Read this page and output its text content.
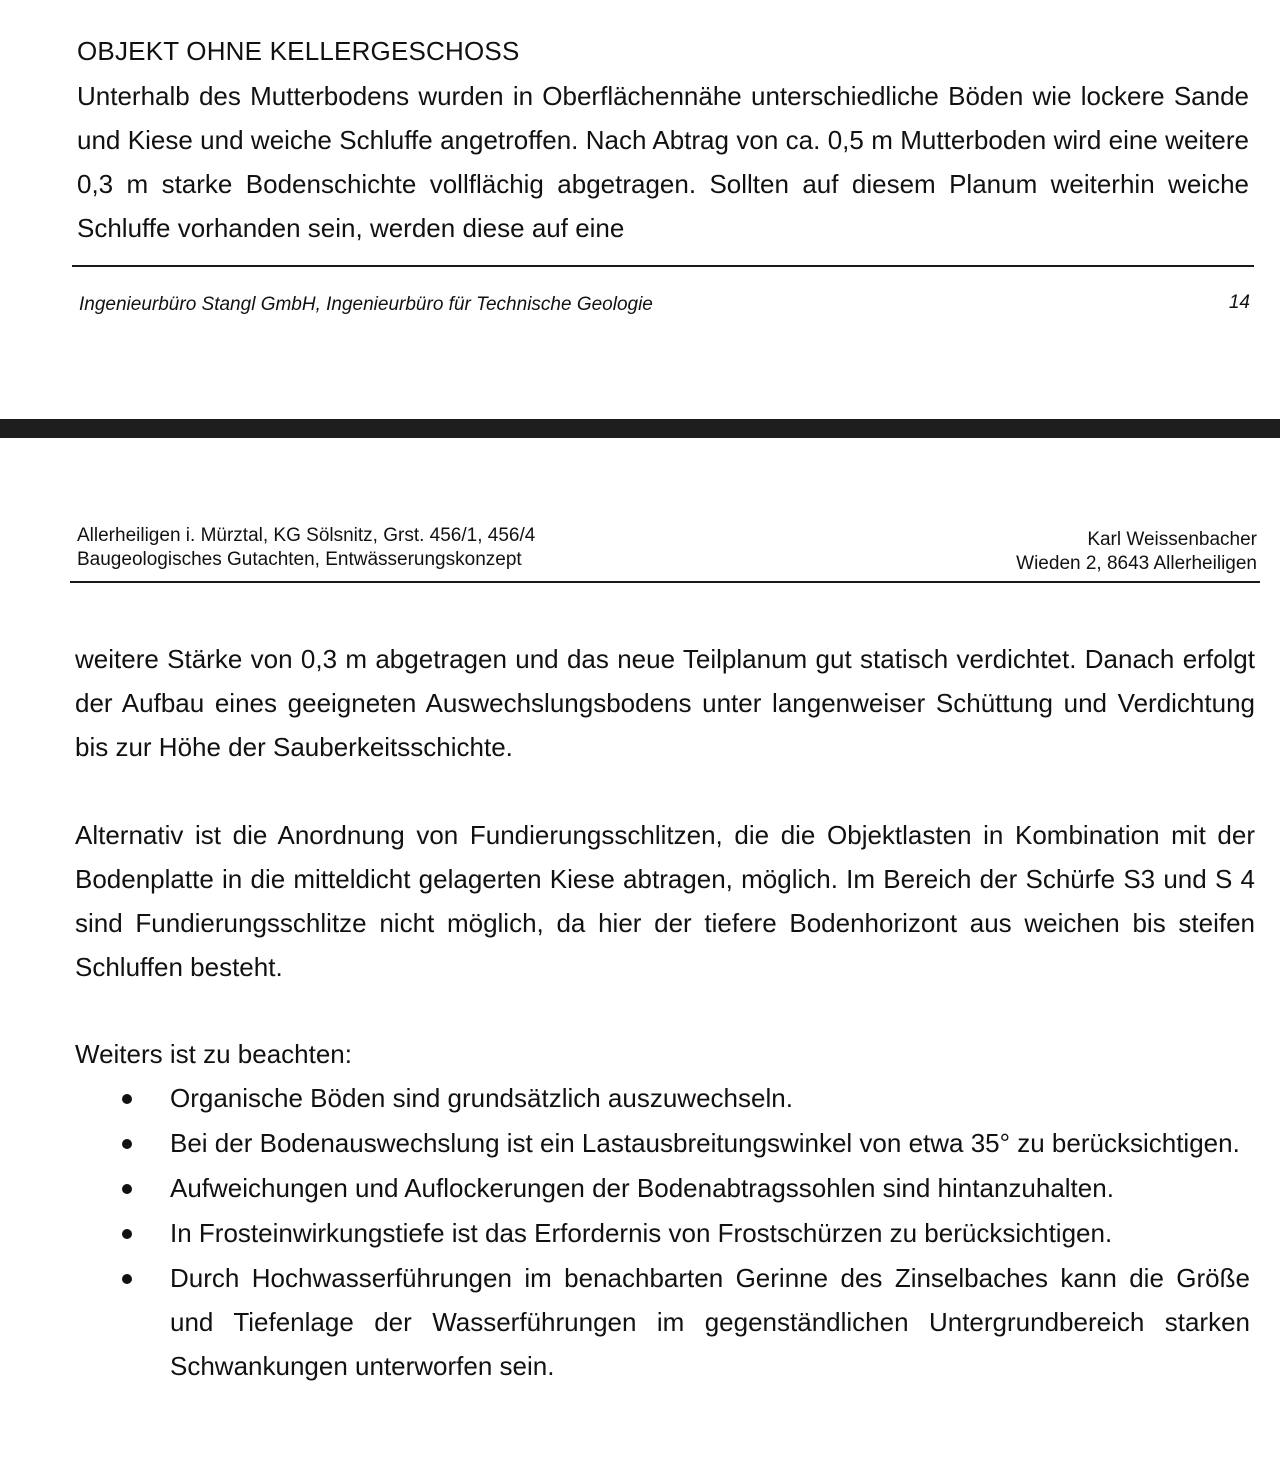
OBJEKT OHNE KELLERGESCHOSS
Unterhalb des Mutterbodens wurden in Oberflächennähe unterschiedliche Böden wie lockere Sande und Kiese und weiche Schluffe angetroffen. Nach Abtrag von ca. 0,5 m Mutterboden wird eine weitere 0,3 m starke Bodenschichte vollflächig abgetragen. Sollten auf diesem Planum weiterhin weiche Schluffe vorhanden sein, werden diese auf eine
Ingenieurbüro Stangl GmbH, Ingenieurbüro für Technische Geologie	14
Allerheiligen i. Mürztal, KG Sölsnitz, Grst. 456/1, 456/4
Baugeologisches Gutachten, Entwässerungskonzept
Karl Weissenbacher
Wieden 2, 8643 Allerheiligen
weitere Stärke von 0,3 m abgetragen und das neue Teilplanum gut statisch verdichtet. Danach erfolgt der Aufbau eines geeigneten Auswechslungsbodens unter langenweiser Schüttung und Verdichtung bis zur Höhe der Sauberkeitsschichte.
Alternativ ist die Anordnung von Fundierungsschlitzen, die die Objektlasten in Kombination mit der Bodenplatte in die mitteldicht gelagerten Kiese abtragen, möglich. Im Bereich der Schürfe S3 und S 4 sind Fundierungsschlitze nicht möglich, da hier der tiefere Bodenhorizont aus weichen bis steifen Schluffen besteht.
Weiters ist zu beachten:
Organische Böden sind grundsätzlich auszuwechseln.
Bei der Bodenauswechslung ist ein Lastausbreitungswinkel von etwa 35° zu berücksichtigen.
Aufweichungen und Auflockerungen der Bodenabtragssohlen sind hintanzuhalten.
In Frosteinwirkungstiefe ist das Erfordernis von Frostschürzen zu berücksichtigen.
Durch Hochwasserführungen im benachbarten Gerinne des Zinselbaches kann die Größe und Tiefenlage der Wasserführungen im gegenständlichen Untergrundbereich starken Schwankungen unterworfen sein.
